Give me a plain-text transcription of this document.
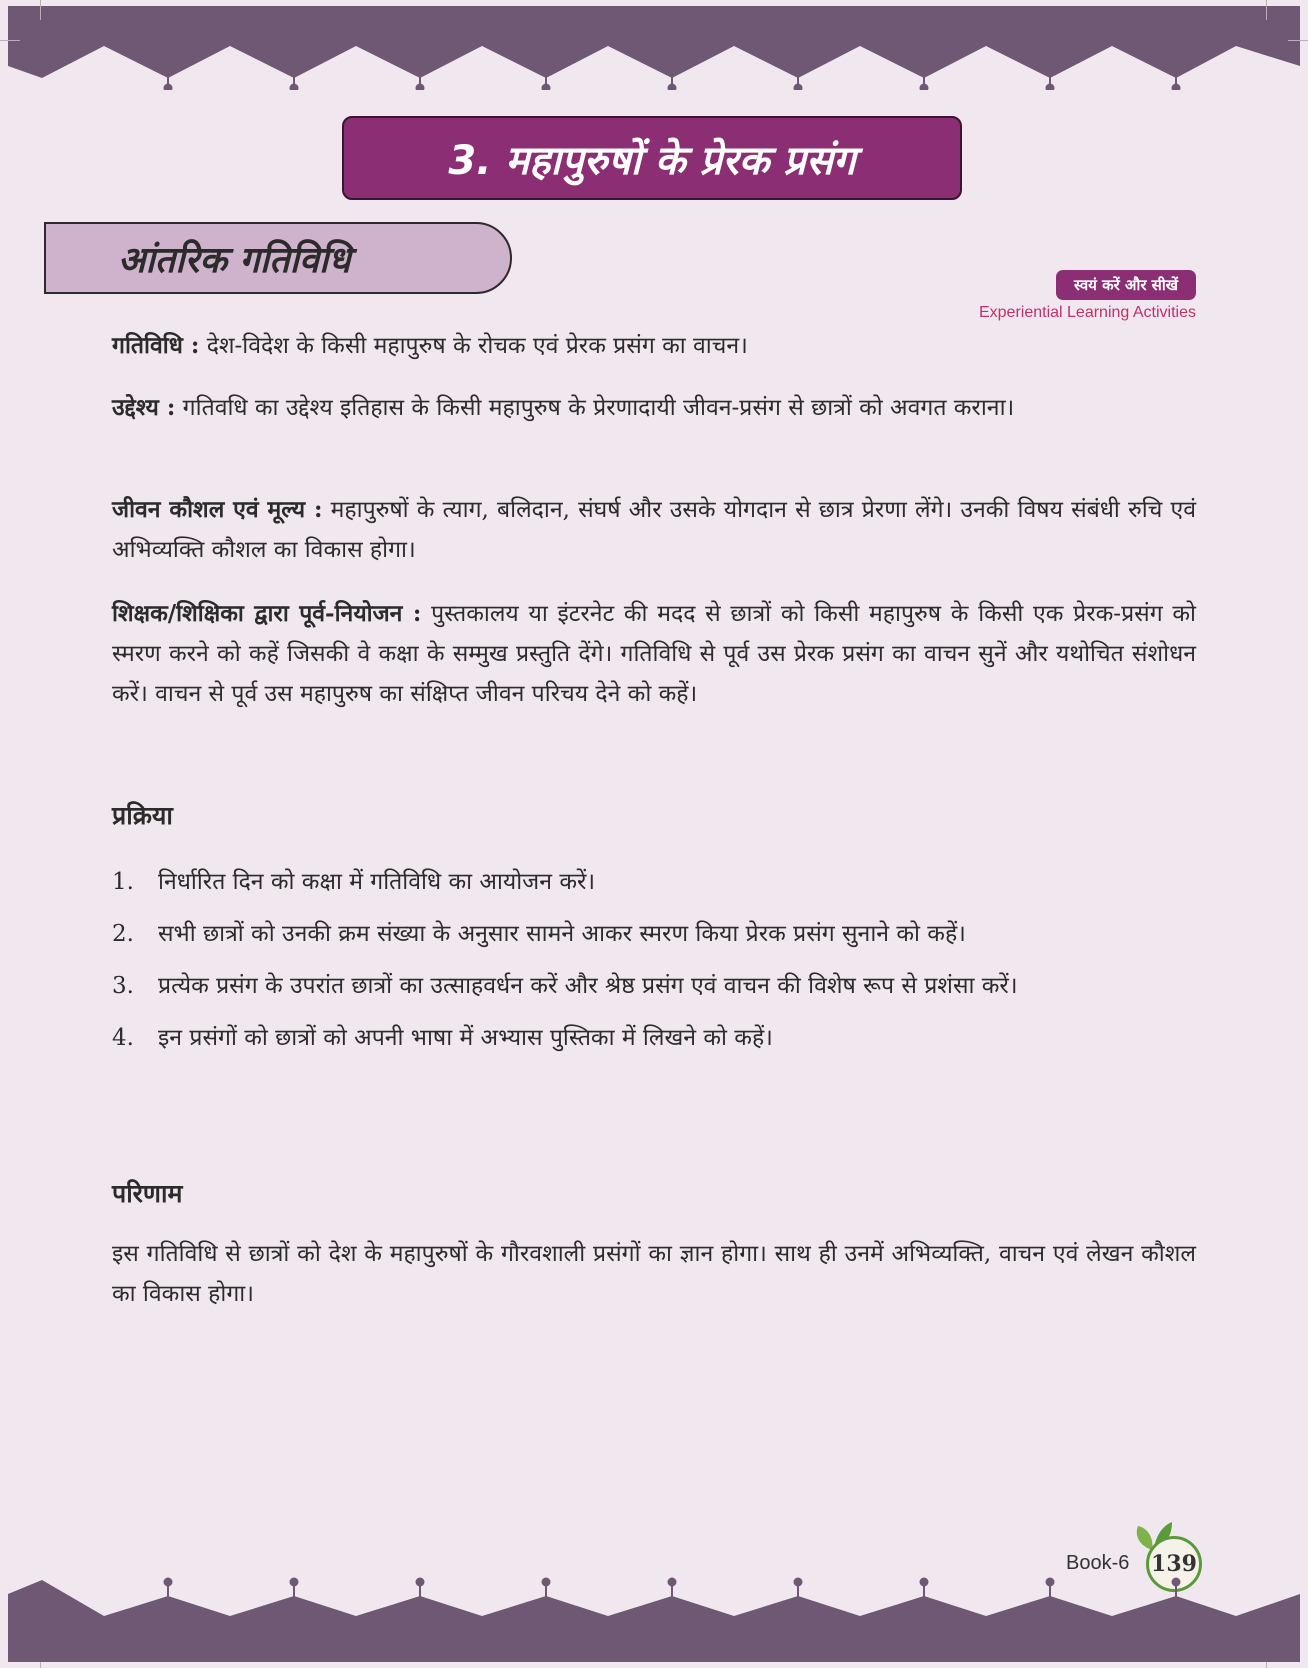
3. महापुरुषों के प्रेरक प्रसंग
आंतरिक गतिविधि
स्वयं करें और सीखें
Experiential Learning Activities
गतिविधि : देश-विदेश के किसी महापुरुष के रोचक एवं प्रेरक प्रसंग का वाचन।
उद्देश्य : गतिवधि का उद्देश्य इतिहास के किसी महापुरुष के प्रेरणादायी जीवन-प्रसंग से छात्रों को अवगत कराना।
जीवन कौशल एवं मूल्य : महापुरुषों के त्याग, बलिदान, संघर्ष और उसके योगदान से छात्र प्रेरणा लेंगे। उनकी विषय संबंधी रुचि एवं अभिव्यक्ति कौशल का विकास होगा।
शिक्षक/शिक्षिका द्वारा पूर्व-नियोजन : पुस्तकालय या इंटरनेट की मदद से छात्रों को किसी महापुरुष के किसी एक प्रेरक-प्रसंग को स्मरण करने को कहें जिसकी वे कक्षा के सम्मुख प्रस्तुति देंगे। गतिविधि से पूर्व उस प्रेरक प्रसंग का वाचन सुनें और यथोचित संशोधन करें। वाचन से पूर्व उस महापुरुष का संक्षिप्त जीवन परिचय देने को कहें।
प्रक्रिया
1. निर्धारित दिन को कक्षा में गतिविधि का आयोजन करें।
2. सभी छात्रों को उनकी क्रम संख्या के अनुसार सामने आकर स्मरण किया प्रेरक प्रसंग सुनाने को कहें।
3. प्रत्येक प्रसंग के उपरांत छात्रों का उत्साहवर्धन करें और श्रेष्ठ प्रसंग एवं वाचन की विशेष रूप से प्रशंसा करें।
4. इन प्रसंगों को छात्रों को अपनी भाषा में अभ्यास पुस्तिका में लिखने को कहें।
परिणाम
इस गतिविधि से छात्रों को देश के महापुरुषों के गौरवशाली प्रसंगों का ज्ञान होगा। साथ ही उनमें अभिव्यक्ति, वाचन एवं लेखन कौशल का विकास होगा।
Book-6 139
